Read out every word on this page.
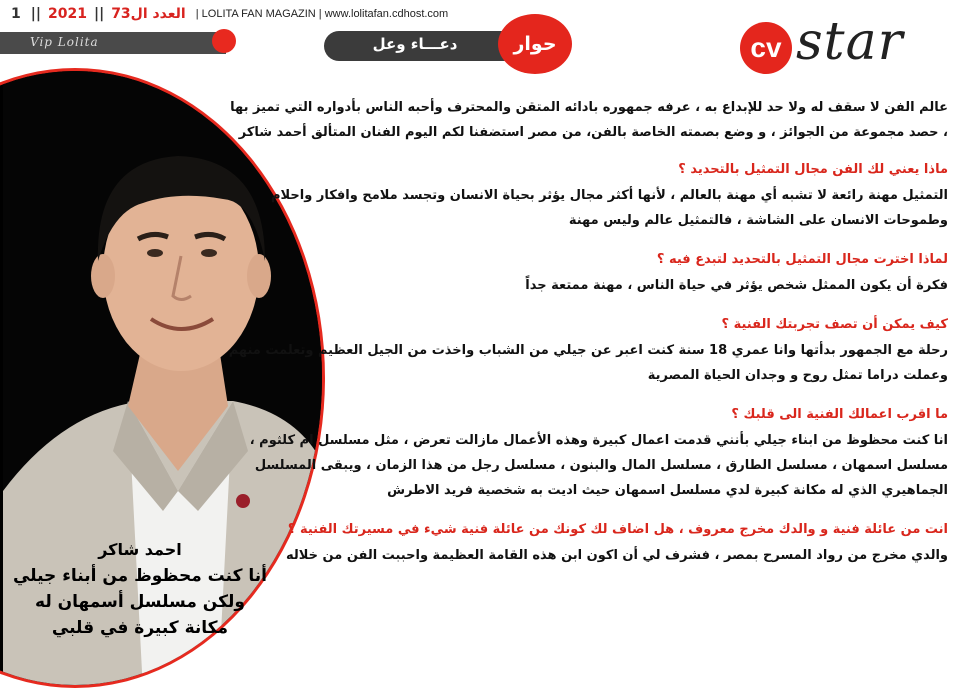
1 || 2021 || العدد ال73 | LOLITA FAN MAGAZIN | www.lolitafan.cdhost.com
Vip Lolita	دعـــاء وعل	حوار	cv star
احمد شاكر
أنا كنت محظوظ من أبناء جيلي
ولكن مسلسل أسمهان له
مكانة كبيرة في قلبي

عالم الفن لا سقف له ولا حد للإبداع به ، عرفه جمهوره بادائه المتقن والمحترف وأحبه الناس بأدواره التي تميز بها ، حصد مجموعة من الجوائز ، و وضع بصمته الخاصة بالفن، من مصر استضفنا لكم اليوم الفنان المتألق أحمد شاكر

ماذا يعني لك الفن مجال التمثيل بالتحديد ؟

التمثيل مهنة رائعة لا تشبه أي مهنة بالعالم ، لأنها أكثر مجال يؤثر بحياة الانسان وتجسد ملامح وافكار واحلام وطموحات الانسان على الشاشة ، فالتمثيل عالم وليس مهنة

لماذا اخترت مجال التمثيل بالتحديد لتبدع فيه ؟

فكرة أن يكون الممثل شخص يؤثر في حياة الناس ، مهنة ممتعة جداً

كيف يمكن أن تصف تجربتك الفنية ؟

رحلة مع الجمهور بدأتها وانا عمري 18 سنة كنت اعبر عن جيلي من الشباب واخذت من الجيل العظيم وتعلمت منهم وعملت دراما تمثل روح و وجدان الحياة المصرية

ما اقرب اعمالك الفنية الى قلبك ؟

انا كنت محظوظ من ابناء جيلي بأنني قدمت اعمال كبيرة وهذه الأعمال مازالت تعرض ، مثل مسلسل ام كلثوم ، مسلسل اسمهان ، مسلسل الطارق ، مسلسل المال والبنون ، مسلسل رجل من هذا الزمان ، ويبقى المسلسل الجماهيري الذي له مكانة كبيرة لدي مسلسل اسمهان حيث اديت به شخصية فريد الاطرش

انت من عائلة فنية و والدك مخرج معروف ، هل اضاف لك كونك من عائلة فنية شيء في مسيرتك الفنية ؟

والدي مخرج من رواد المسرح بمصر ، فشرف لي أن اكون ابن هذه القامة العظيمة واحببت الفن من خلاله
